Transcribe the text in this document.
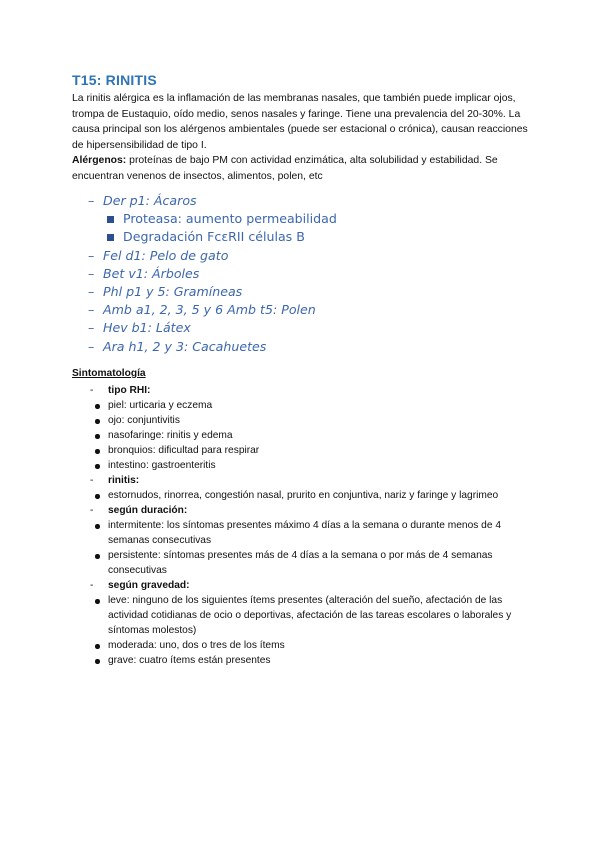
T15: RINITIS

La rinitis alérgica es la inflamación de las membranas nasales, que también puede implicar ojos, trompa de Eustaquio, oído medio, senos nasales y faringe. Tiene una prevalencia del 20-30%. La causa principal son los alérgenos ambientales (puede ser estacional o crónica), causan reacciones de hipersensibilidad de tipo I.

Alérgenos: proteínas de bajo PM con actividad enzimática, alta solubilidad y estabilidad. Se encuentran venenos de insectos, alimentos, polen, etc

– Der p1: Ácaros
Proteasa: aumento permeabilidad
Degradación FcεRII células B
– Fel d1: Pelo de gato
– Bet v1: Árboles
– Phl p1 y 5: Gramíneas
– Amb a1, 2, 3, 5 y 6 Amb t5: Polen
– Hev b1: Látex
– Ara h1, 2 y 3: Cacahuetes
Sintomatología
- tipo RHI:
piel: urticaria y eczema
ojo: conjuntivitis
nasofaringe: rinitis y edema
bronquios: dificultad para respirar
intestino: gastroenteritis
- rinitis:
estornudos, rinorrea, congestión nasal, prurito en conjuntiva, nariz y faringe y lagrimeo
- según duración:
intermitente: los síntomas presentes máximo 4 días a la semana o durante menos de 4 semanas consecutivas
persistente: síntomas presentes más de 4 días a la semana o por más de 4 semanas consecutivas
- según gravedad:
leve: ninguno de los siguientes ítems presentes (alteración del sueño, afectación de las actividad cotidianas de ocio o deportivas, afectación de las tareas escolares o laborales y síntomas molestos)
moderada: uno, dos o tres de los ítems
grave: cuatro ítems están presentes
